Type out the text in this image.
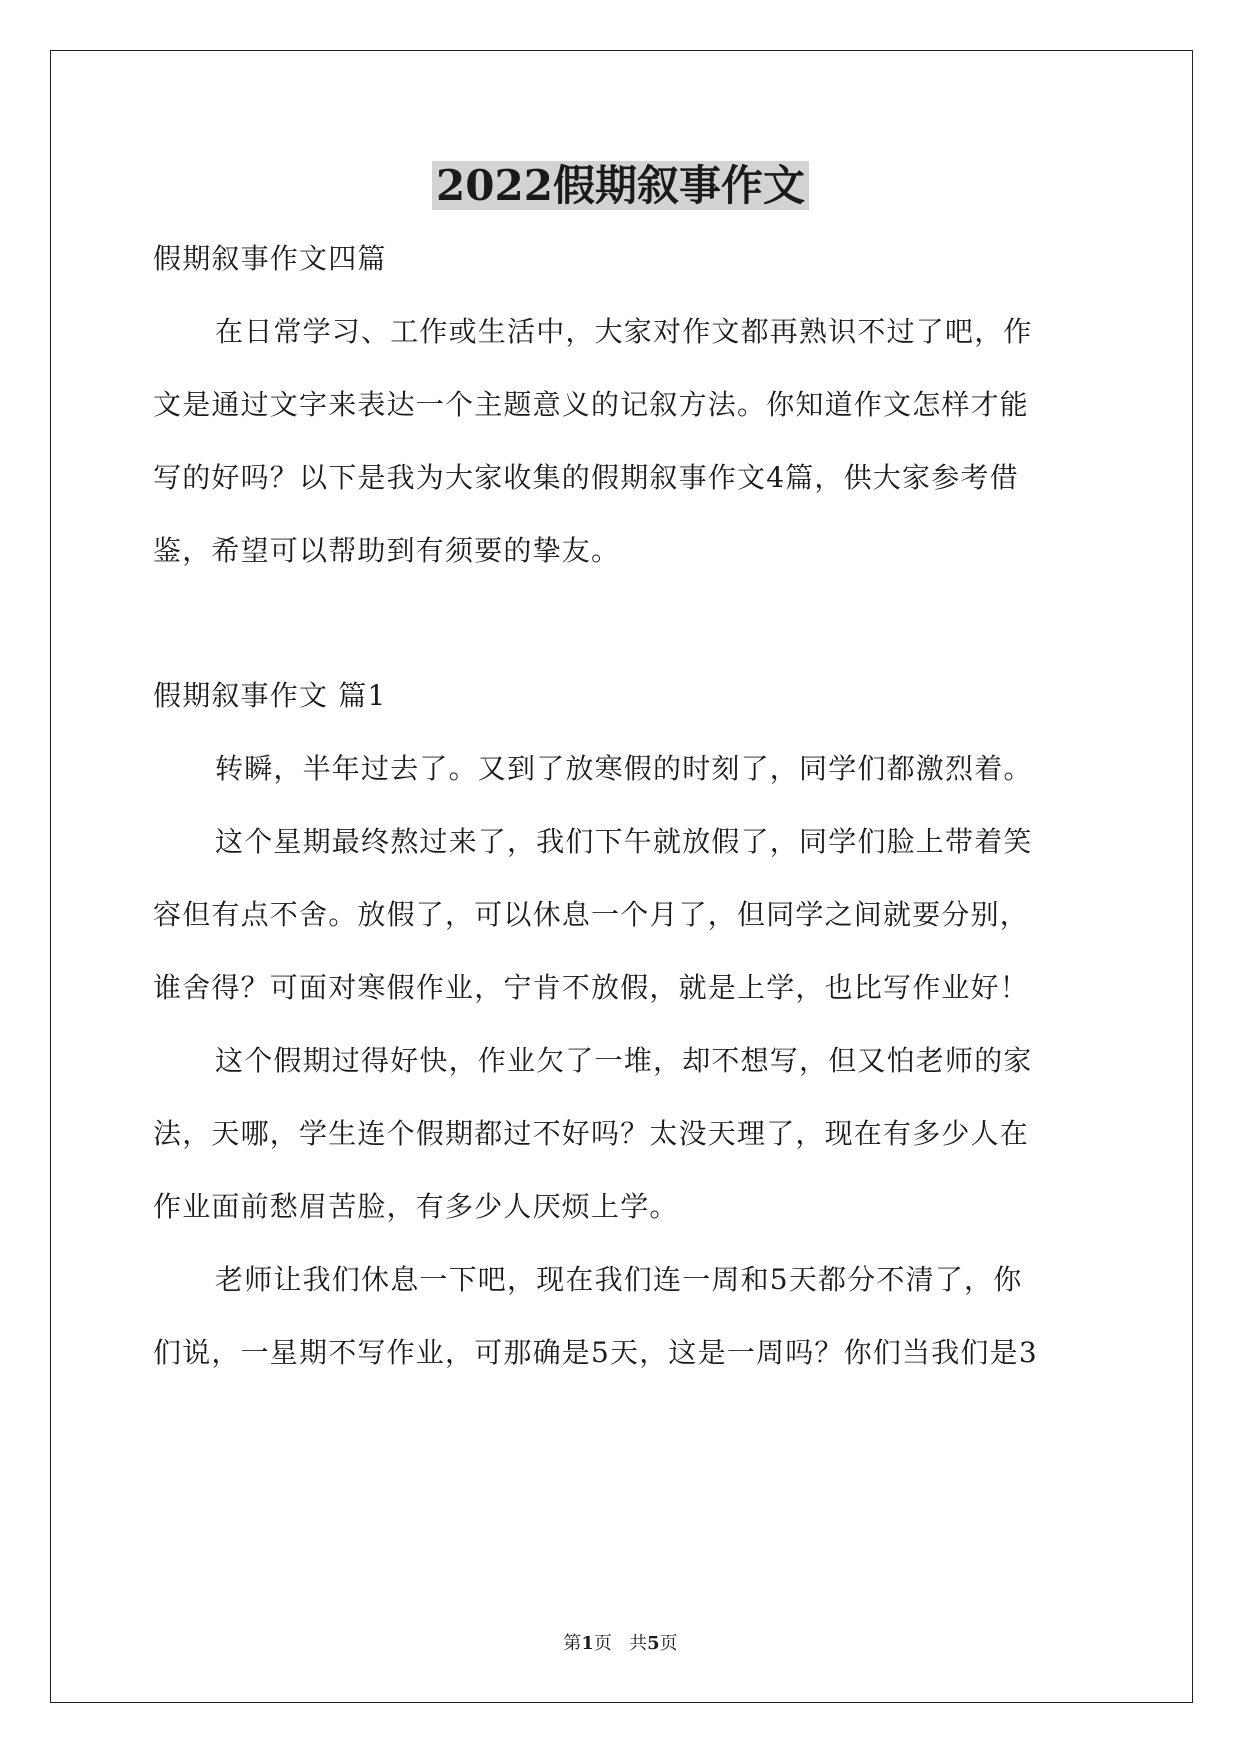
2022假期叙事作文
假期叙事作文四篇
在日常学习、工作或生活中，大家对作文都再熟识不过了吧，作
文是通过文字来表达一个主题意义的记叙方法。你知道作文怎样才能
写的好吗？以下是我为大家收集的假期叙事作文4篇，供大家参考借
鉴，希望可以帮助到有须要的挚友。
假期叙事作文 篇1
转瞬，半年过去了。又到了放寒假的时刻了，同学们都激烈着。
这个星期最终熬过来了，我们下午就放假了，同学们脸上带着笑
容但有点不舍。放假了，可以休息一个月了，但同学之间就要分别，
谁舍得？可面对寒假作业，宁肯不放假，就是上学，也比写作业好！
这个假期过得好快，作业欠了一堆，却不想写，但又怕老师的家
法，天哪，学生连个假期都过不好吗？太没天理了，现在有多少人在
作业面前愁眉苦脸，有多少人厌烦上学。
老师让我们休息一下吧，现在我们连一周和5天都分不清了，你
们说，一星期不写作业，可那确是5天，这是一周吗？你们当我们是3
第1页   共5页
